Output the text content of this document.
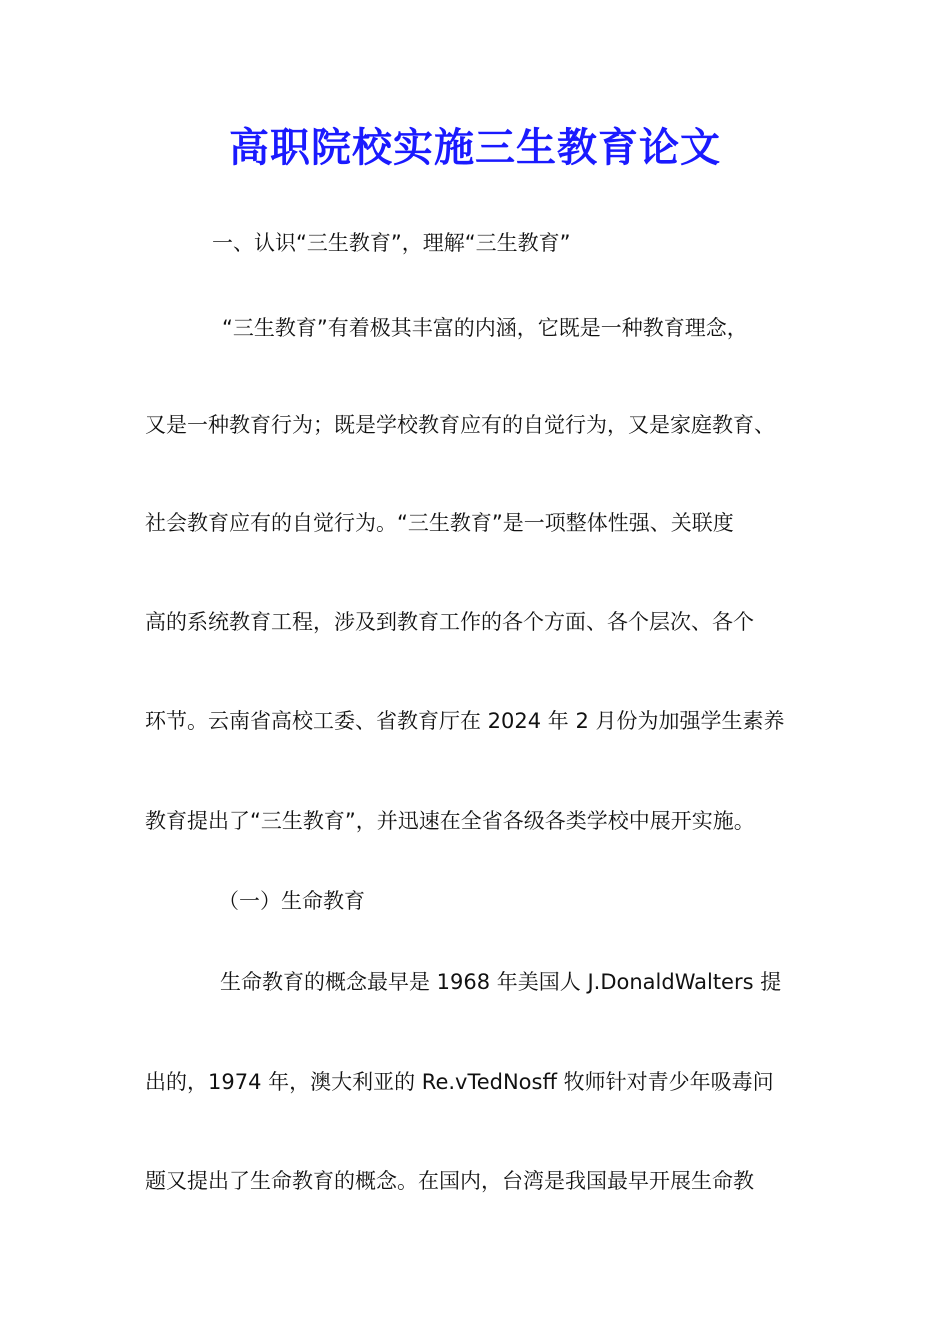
高职院校实施三生教育论文

一、认识“三生教育”，理解“三生教育”

“三生教育”有着极其丰富的内涵，它既是一种教育理念，

又是一种教育行为；既是学校教育应有的自觉行为，又是家庭教育、

社会教育应有的自觉行为。“三生教育”是一项整体性强、关联度

高的系统教育工程，涉及到教育工作的各个方面、各个层次、各个

环节。云南省高校工委、省教育厅在 2024 年 2 月份为加强学生素养

教育提出了“三生教育”，并迅速在全省各级各类学校中展开实施。

（一）生命教育

生命教育的概念最早是 1968 年美国人 J.DonaldWalters 提

出的，1974 年，澳大利亚的 Re.vTedNosff 牧师针对青少年吸毒问

题又提出了生命教育的概念。在国内，台湾是我国最早开展生命教
